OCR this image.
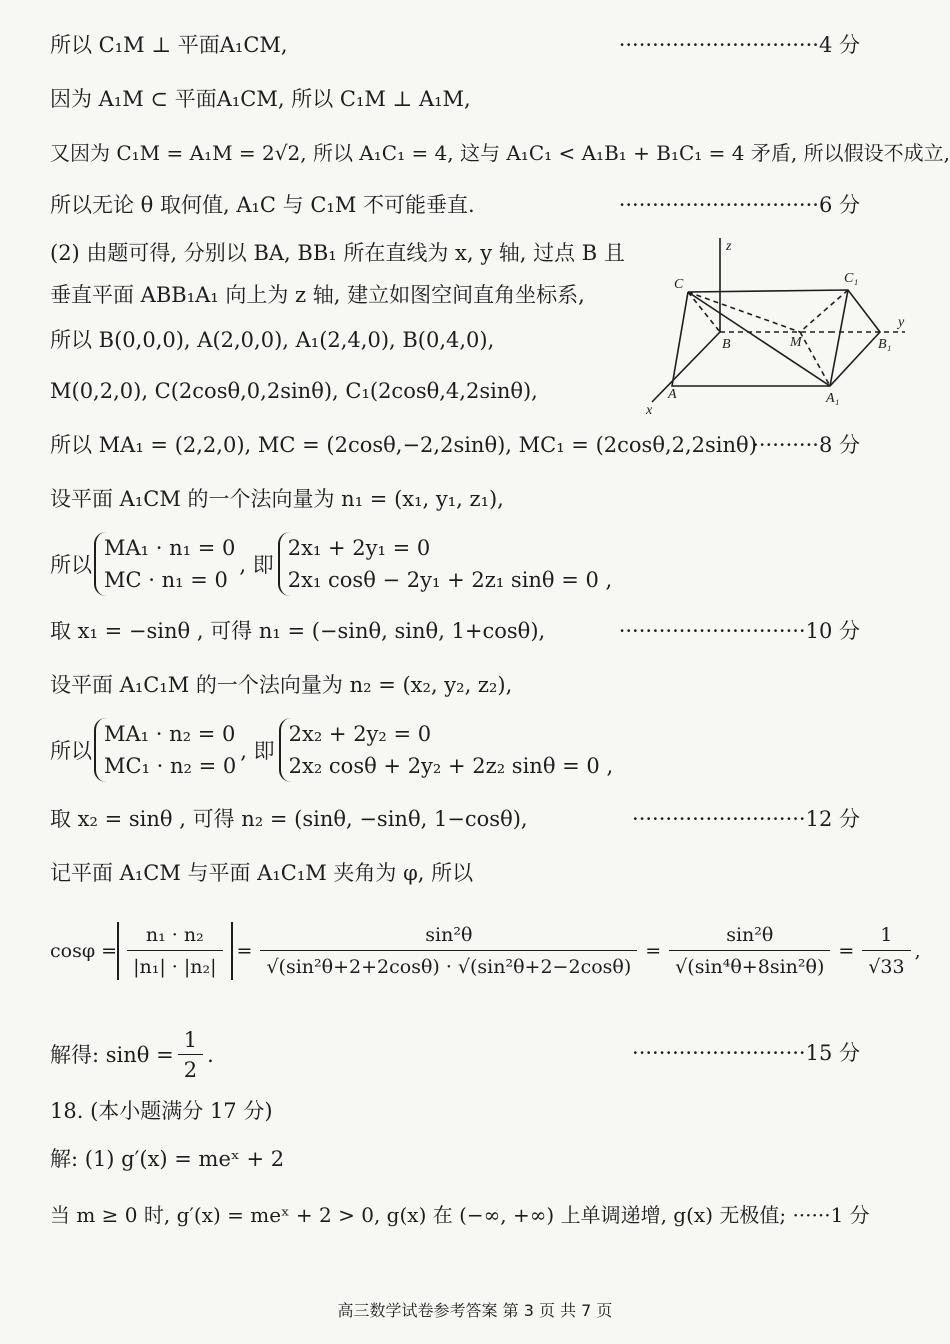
所以 C₁M ⊥ 平面A₁CM,	······························4 分
因为 A₁M ⊂ 平面A₁CM, 所以 C₁M ⊥ A₁M,
又因为 C₁M = A₁M = 2√2, 所以 A₁C₁ = 4, 这与 A₁C₁ < A₁B₁ + B₁C₁ = 4 矛盾, 所以假设不成立,
所以无论 θ 取何值, A₁C 与 C₁M 不可能垂直.	······························6 分
(2) 由题可得, 分别以 BA, BB₁ 所在直线为 x, y 轴, 过点 B 且
垂直平面 ABB₁A₁ 向上为 z 轴, 建立如图空间直角坐标系,
所以 B(0,0,0), A(2,0,0), A₁(2,4,0), B(0,4,0),
M(0,2,0), C(2cosθ,0,2sinθ), C₁(2cosθ,4,2sinθ),
所以 MA₁ = (2,2,0), MC = (2cosθ,−2,2sinθ), MC₁ = (2cosθ,2,2sinθ)
··········8 分
设平面 A₁CM 的一个法向量为 n₁ = (x₁, y₁, z₁),
所以
MA₁ · n₁ = 0
MC · n₁ = 0
, 即
2x₁ + 2y₁ = 0
2x₁ cosθ − 2y₁ + 2z₁ sinθ = 0 ,
取 x₁ = −sinθ , 可得 n₁ = (−sinθ, sinθ, 1+cosθ),	····························10 分
设平面 A₁C₁M 的一个法向量为 n₂ = (x₂, y₂, z₂),
所以
MA₁ · n₂ = 0
MC₁ · n₂ = 0
, 即
2x₂ + 2y₂ = 0
2x₂ cosθ + 2y₂ + 2z₂ sinθ = 0 ,
取 x₂ = sinθ , 可得 n₂ = (sinθ, −sinθ, 1−cosθ),	··························12 分
记平面 A₁CM 与平面 A₁C₁M 夹角为 φ, 所以
$\cos\varphi = \frac{\text{n₁ · n₂}}{\text{|n₁| · |n₂|}} = \frac{\text{sin²θ}}{\text{√(sin²θ+2+2cosθ) · √(sin²θ+2−2cosθ)}} = \frac{\text{sin²θ}}{\text{√(sin⁴θ+8sin²θ)}} = \frac{1}{√33}$ ,
解得: $\sin\theta = \frac{1}{2}$ .	··························15 分
18. (本小题满分 17 分)
解: (1) g′(x) = meˣ + 2
当 m ≥ 0 时, g′(x) = meˣ + 2 > 0, g(x) 在 (−∞, +∞) 上单调递增, g(x) 无极值; ······1 分
z
C	C₁
y
B	M	B₁
A	A₁
x
高三数学试卷参考答案 第 3 页 共 7 页
